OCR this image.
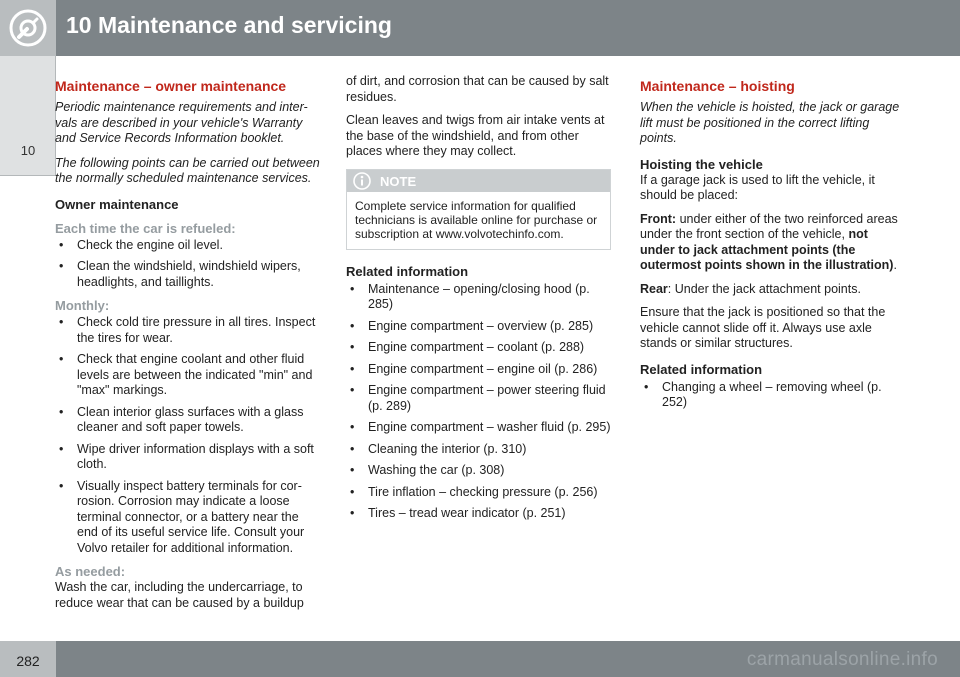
10 Maintenance and servicing
10
Maintenance – owner maintenance

Periodic maintenance requirements and inter-vals are described in your vehicle's Warranty and Service Records Information booklet.

The following points can be carried out between the normally scheduled maintenance services.

Owner maintenance
Each time the car is refueled:
• Check the engine oil level.
• Clean the windshield, windshield wipers, headlights, and taillights.
Monthly:
• Check cold tire pressure in all tires. Inspect the tires for wear.
• Check that engine coolant and other fluid levels are between the indicated "min" and "max" markings.
• Clean interior glass surfaces with a glass cleaner and soft paper towels.
• Wipe driver information displays with a soft cloth.
• Visually inspect battery terminals for cor-rosion. Corrosion may indicate a loose terminal connector, or a battery near the end of its useful service life. Consult your Volvo retailer for additional information.
As needed:

Wash the car, including the undercarriage, to reduce wear that can be caused by a buildup

of dirt, and corrosion that can be caused by salt residues.

Clean leaves and twigs from air intake vents at the base of the windshield, and from other places where they may collect.

NOTE
Complete service information for qualified technicians is available online for purchase or subscription at www.volvotechinfo.com.
Related information
• Maintenance – opening/closing hood (p. 285)
• Engine compartment – overview (p. 285)
• Engine compartment – coolant (p. 288)
• Engine compartment – engine oil (p. 286)
• Engine compartment – power steering fluid (p. 289)
• Engine compartment – washer fluid (p. 295)
• Cleaning the interior (p. 310)
• Washing the car (p. 308)
• Tire inflation – checking pressure (p. 256)
• Tires – tread wear indicator (p. 251)
Maintenance – hoisting

When the vehicle is hoisted, the jack or garage lift must be positioned in the correct lifting points.

Hoisting the vehicle

If a garage jack is used to lift the vehicle, it should be placed:

Front: under either of the two reinforced areas under the front section of the vehicle, not under to jack attachment points (the outermost points shown in the illustration).

Rear: Under the jack attachment points.

Ensure that the jack is positioned so that the vehicle cannot slide off it. Always use axle stands or similar structures.

Related information
• Changing a wheel – removing wheel (p. 252)
282	carmanualsonline.info
